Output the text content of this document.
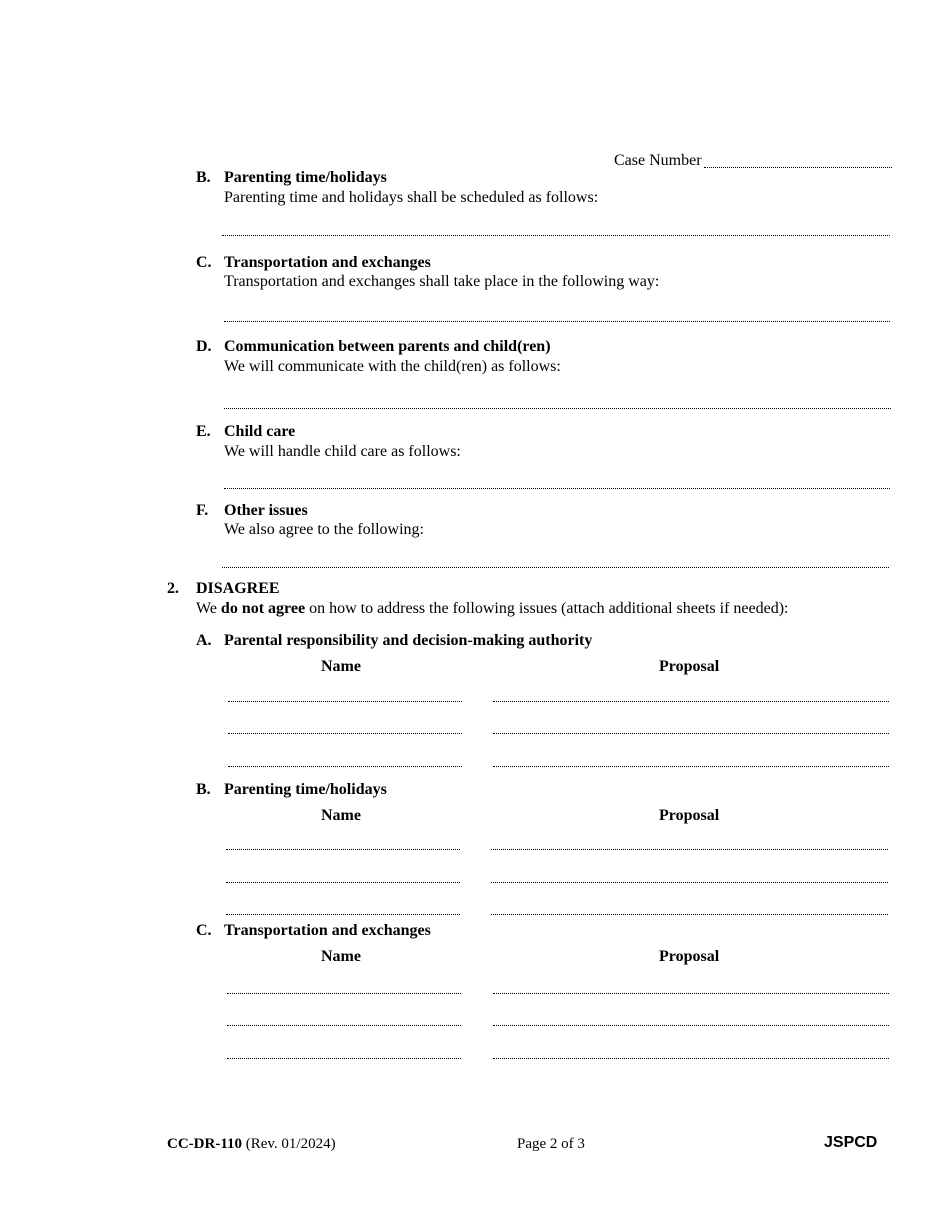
Case Number
B. Parenting time/holidays
Parenting time and holidays shall be scheduled as follows:
C. Transportation and exchanges
Transportation and exchanges shall take place in the following way:
D. Communication between parents and child(ren)
We will communicate with the child(ren) as follows:
E. Child care
We will handle child care as follows:
F. Other issues
We also agree to the following:
2. DISAGREE
We do not agree on how to address the following issues (attach additional sheets if needed):
A. Parental responsibility and decision-making authority
Name	Proposal
B. Parenting time/holidays
Name	Proposal
C. Transportation and exchanges
Name	Proposal
CC-DR-110 (Rev. 01/2024)	Page 2 of 3	JSPCD
